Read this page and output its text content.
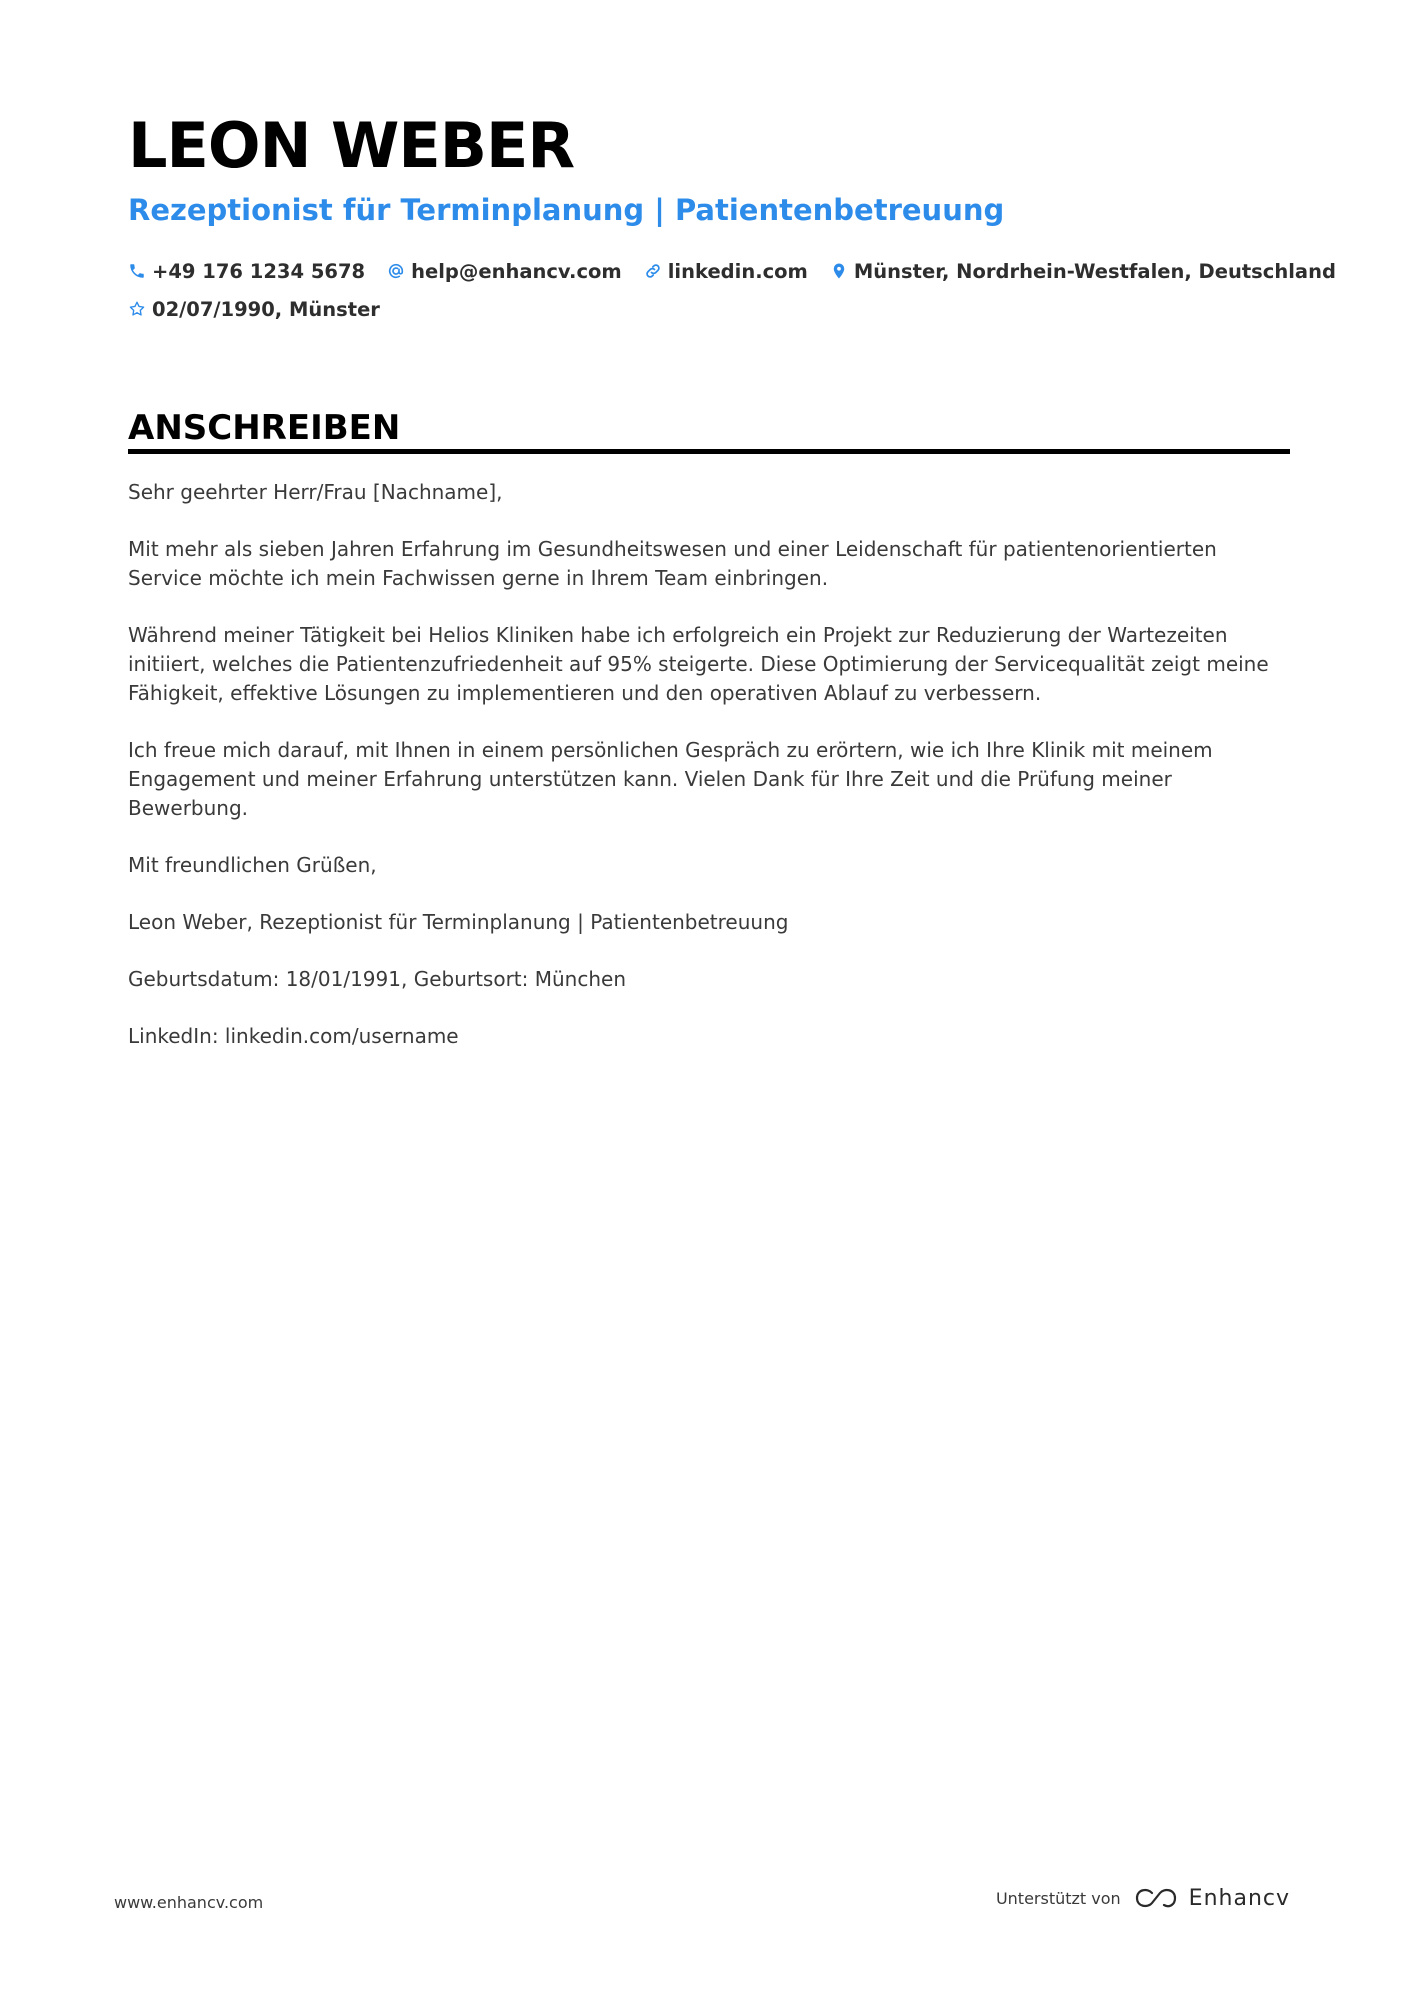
LEON WEBER
Rezeptionist für Terminplanung | Patientenbetreuung
+49 176 1234 5678 help@enhancv.com linkedin.com Münster, Nordrhein-Westfalen, Deutschland
02/07/1990, Münster
ANSCHREIBEN

Sehr geehrter Herr/Frau [Nachname],

Mit mehr als sieben Jahren Erfahrung im Gesundheitswesen und einer Leidenschaft für patientenorientierten Service möchte ich mein Fachwissen gerne in Ihrem Team einbringen.

Während meiner Tätigkeit bei Helios Kliniken habe ich erfolgreich ein Projekt zur Reduzierung der Wartezeiten initiiert, welches die Patientenzufriedenheit auf 95% steigerte. Diese Optimierung der Servicequalität zeigt meine Fähigkeit, effektive Lösungen zu implementieren und den operativen Ablauf zu verbessern.

Ich freue mich darauf, mit Ihnen in einem persönlichen Gespräch zu erörtern, wie ich Ihre Klinik mit meinem Engagement und meiner Erfahrung unterstützen kann. Vielen Dank für Ihre Zeit und die Prüfung meiner Bewerbung.

Mit freundlichen Grüßen,

Leon Weber, Rezeptionist für Terminplanung | Patientenbetreuung

Geburtsdatum: 18/01/1991, Geburtsort: München

LinkedIn: linkedin.com/username

www.enhancv.com	Unterstützt von	Enhancv
